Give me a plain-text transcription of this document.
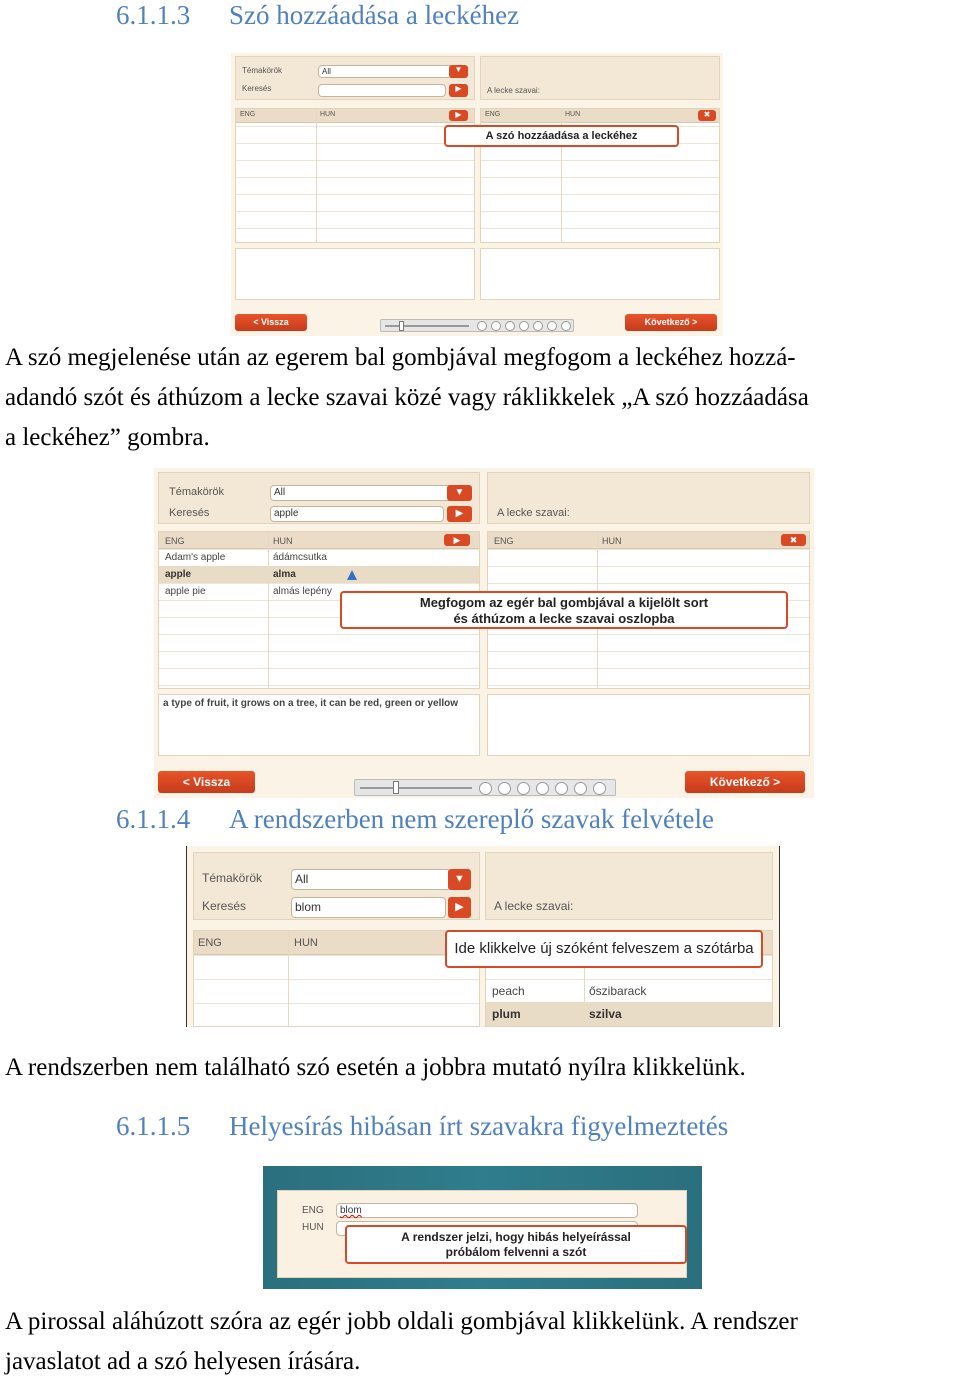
6.1.1.3 Szó hozzáadása a leckéhez
Témakörök
Keresés
All	▼
▶	A lecke szavai:
ENG	HUN	▶	ENG	HUN	✖
< Vissza	Következő >
A szó hozzáadása a leckéhez
A szó megjelenése után az egerem bal gombjával megfogom a leckéhez hozzá-
adandó szót és áthúzom a lecke szavai közé vagy ráklikkelek „A szó hozzáadása
a leckéhez” gombra.
Témakörök
Keresés
All	▼
apple	▶	A lecke szavai:
ENG	HUN	▶
Adam's apple	ádámcsutka
apple	alma
apple pie	almás lepény
ENG	HUN	✖
a type of fruit, it grows on a tree, it can be red, green or yellow
< Vissza	Következő >
Megfogom az egér bal gombjával a kijelölt sort
és áthúzom a lecke szavai oszlopba
6.1.1.4 A rendszerben nem szereplő szavak felvétele
Témakörök
Keresés
All	▼
blom	▶	A lecke szavai:
ENG	HUN
peach	őszibarack
plum	szilva
Ide klikkelve új szóként felveszem a szótárba
A rendszerben nem található szó esetén a jobbra mutató nyílra klikkelünk.
6.1.1.5 Helyesírás hibásan írt szavakra figyelmeztetés
ENG
HUN
blom
A rendszer jelzi, hogy hibás helyeírással
próbálom felvenni a szót
A pirossal aláhúzott szóra az egér jobb oldali gombjával klikkelünk. A rendszer
javaslatot ad a szó helyesen írására.
